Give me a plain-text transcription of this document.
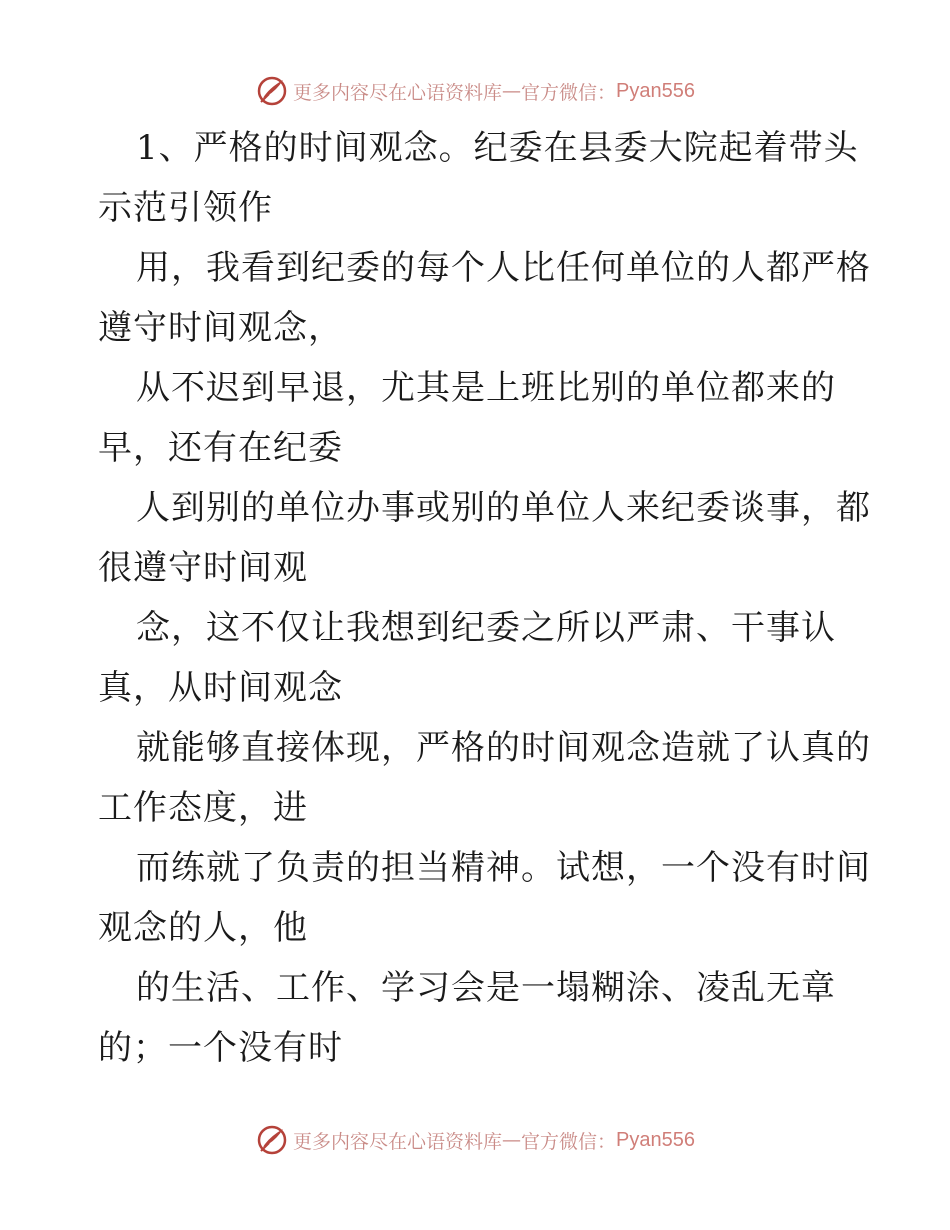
更多内容尽在心语资料库 — 官方微信： Pyan556
1、严格的时间观念。纪委在县委大院起着带头
示范引领作
用，我看到纪委的每个人比任何单位的人都严格
遵守时间观念，
从不迟到早退，尤其是上班比别的单位都来的
早，还有在纪委
人到别的单位办事或别的单位人来纪委谈事，都
很遵守时间观
念，这不仅让我想到纪委之所以严肃、干事认
真，从时间观念
就能够直接体现，严格的时间观念造就了认真的
工作态度，进
而练就了负责的担当精神。试想，一个没有时间
观念的人，他
的生活、工作、学习会是一塌糊涂、凌乱无章
的；一个没有时
更多内容尽在心语资料库 — 官方微信： Pyan556
